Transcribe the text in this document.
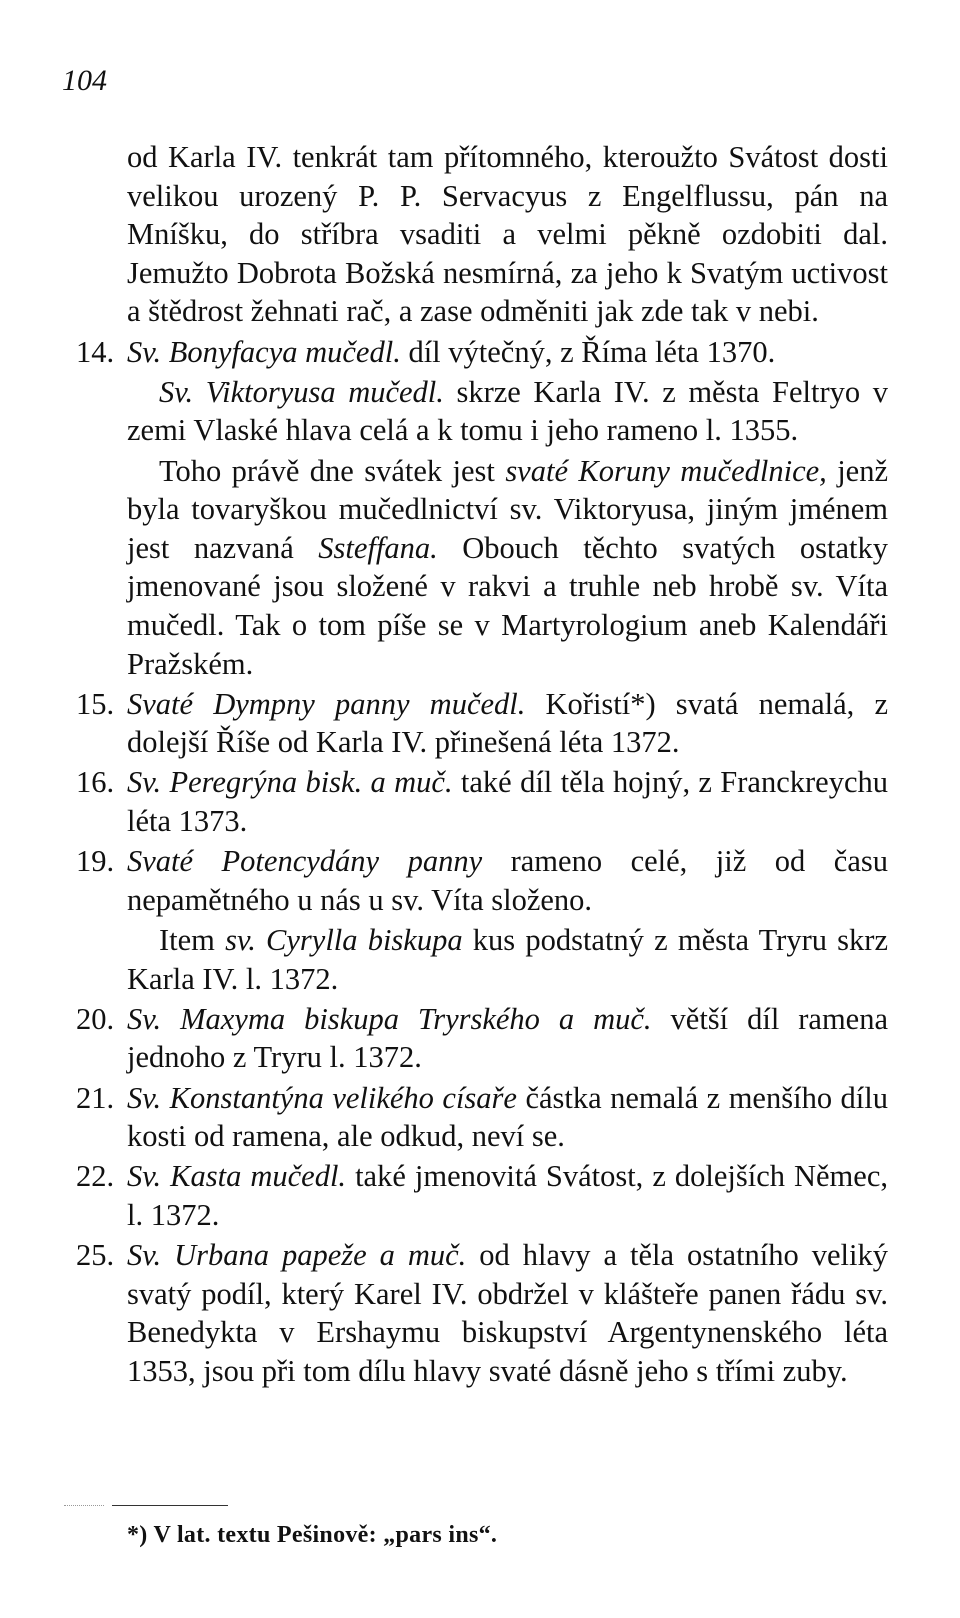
104

od Karla IV. tenkrát tam přítomného, kteroužto Svátost dosti velikou urozený P. P. Servacyus z Engelflussu, pán na Mníšku, do stříbra vsaditi a velmi pěkně ozdobiti dal. Jemužto Dobrota Božská nesmírná, za jeho k Svatým uctivost a štědrost žehnati rač, a zase odměniti jak zde tak v nebi.

14. Sv. Bonyfacya mučedl. díl výtečný, z Říma léta 1370.

Sv. Viktoryusa mučedl. skrze Karla IV. z města Feltryo v zemi Vlaské hlava celá a k tomu i jeho rameno l. 1355.

Toho právě dne svátek jest svaté Koruny mučedlnice, jenž byla tovaryškou mučedlnictví sv. Viktoryusa, jiným jménem jest nazvaná Ssteffana. Obouch těchto svatých ostatky jmenované jsou složené v rakvi a truhle neb hrobě sv. Víta mučedl. Tak o tom píše se v Martyrologium aneb Kalendáři Pražském.

15. Svaté Dympny panny mučedl. Kořistí*) svatá nemalá, z dolejší Říše od Karla IV. přinešená léta 1372.

16. Sv. Peregrýna bisk. a muč. také díl těla hojný, z Franckreychu léta 1373.

19. Svaté Potencydány panny rameno celé, již od času nepamětného u nás u sv. Víta složeno.

Item sv. Cyrylla biskupa kus podstatný z města Tryru skrz Karla IV. l. 1372.

20. Sv. Maxyma biskupa Tryrského a muč. větší díl ramena jednoho z Tryru l. 1372.

21. Sv. Konstantýna velikého císaře částka nemalá z menšího dílu kosti od ramena, ale odkud, neví se.

22. Sv. Kasta mučedl. také jmenovitá Svátost, z dolejších Němec, l. 1372.

25. Sv. Urbana papeže a muč. od hlavy a těla ostatního veliký svatý podíl, který Karel IV. obdržel v klášteře panen řádu sv. Benedykta v Ershaymu biskupství Argentynenského léta 1353, jsou při tom dílu hlavy svaté dásně jeho s třími zuby.

*) V lat. textu Pešinově: „pars ins“.
